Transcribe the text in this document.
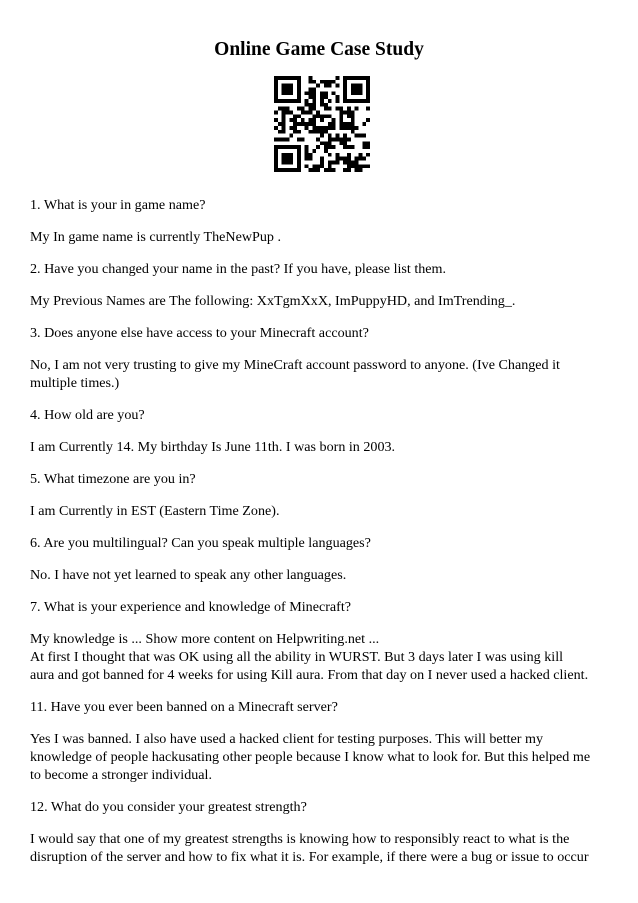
Online Game Case Study

1. What is your in game name?

My In game name is currently TheNewPup .

2. Have you changed your name in the past? If you have, please list them.

My Previous Names are The following: XxTgmXxX, ImPuppyHD, and ImTrending_.

3. Does anyone else have access to your Minecraft account?

No, I am not very trusting to give my MineCraft account password to anyone. (Ive Changed it
multiple times.)

4. How old are you?

I am Currently 14. My birthday Is June 11th. I was born in 2003.

5. What timezone are you in?

I am Currently in EST (Eastern Time Zone).

6. Are you multilingual? Can you speak multiple languages?

No. I have not yet learned to speak any other languages.

7. What is your experience and knowledge of Minecraft?

My knowledge is ... Show more content on Helpwriting.net ...
At first I thought that was OK using all the ability in WURST. But 3 days later I was using kill
aura and got banned for 4 weeks for using Kill aura. From that day on I never used a hacked client.

11. Have you ever been banned on a Minecraft server?

Yes I was banned. I also have used a hacked client for testing purposes. This will better my
knowledge of people hackusating other people because I know what to look for. But this helped me
to become a stronger individual.

12. What do you consider your greatest strength?

I would say that one of my greatest strengths is knowing how to responsibly react to what is the
disruption of the server and how to fix what it is. For example, if there were a bug or issue to occur
